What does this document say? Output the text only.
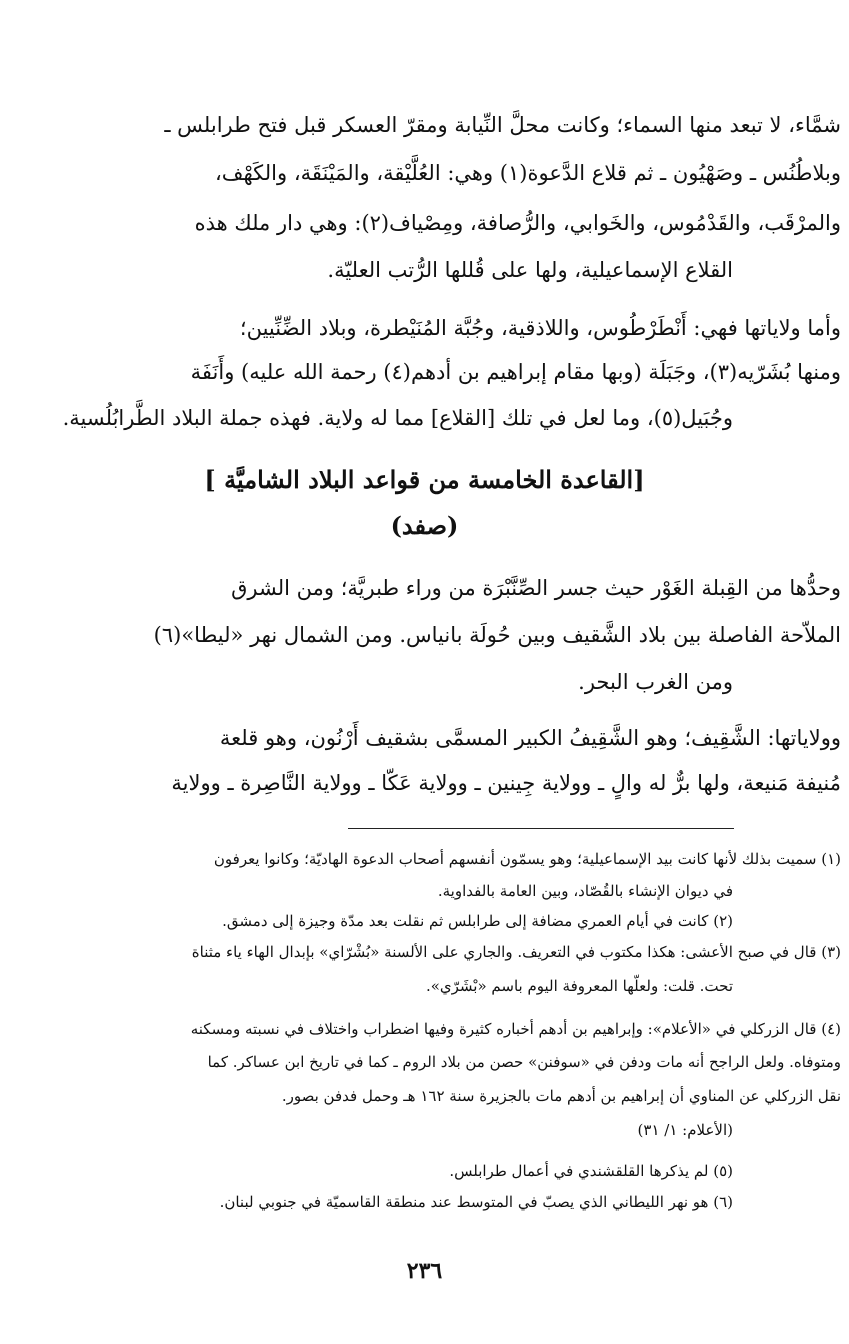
شمَّاء، لا تبعد منها السماء؛ وكانت محلَّ النِّيابة ومقرّ العسكر قبل فتح طرابلس ـ
وبلاطُنُس ـ وصَهْيُون ـ ثم قلاع الدَّعوة(١) وهي: العُلَّيْقة، والمَيْنَقَة، والكَهْف،
والمرْقَب، والقَدْمُوس، والخَوابي، والرُّصافة، ومِصْياف(٢): وهي دار ملك هذه
القلاع الإسماعيلية، ولها على قُللها الرُّتب العليّة.
وأما ولاياتها فهي: أَنْطَرْطُوس، واللاذقية، وجُبَّة المُنَيْطرة، وبلاد الضِّنِّيين؛
ومنها بُشَرّيه(٣)، وجَبَلَة (وبها مقام إبراهيم بن أدهم(٤) رحمة الله عليه) وأَنَفَة
وجُبَيل(٥)، وما لعل في تلك [القلاع] مما له ولاية. فهذه جملة البلاد الطَّرابُلُسية.
[القاعدة الخامسة من قواعد البلاد الشاميَّة ]
(صفد)
وحدُّها من القِبلة الغَوْر حيث جسر الصِّنَّبْرَة من وراء طبريَّة؛ ومن الشرق
الملاّحة الفاصلة بين بلاد الشَّقيف وبين حُولَة بانياس. ومن الشمال نهر «ليطا»(٦)
ومن الغرب البحر.
وولاياتها: الشَّقِيف؛ وهو الشَّقِيفُ الكبير المسمَّى بشقيف أَرْنُون، وهو قلعة
مُنيفة مَنيعة، ولها برٌّ له والٍ ـ وولاية جِينين ـ وولاية عَكّا ـ وولاية النَّاصِرة ـ وولاية
(١) سميت بذلك لأنها كانت بيد الإسماعيلية؛ وهو يسمّون أنفسهم أصحاب الدعوة الهاديّة؛ وكانوا يعرفون
في ديوان الإنشاء بالقُصّاد، وبين العامة بالفداوية.
(٢) كانت في أيام العمري مضافة إلى طرابلس ثم نقلت بعد مدّة وجيزة إلى دمشق.
(٣) قال في صبح الأعشى: هكذا مكتوب في التعريف. والجاري على الألسنة «بُشْرّاي» بإبدال الهاء ياء مثناة
تحت. قلت: ولعلّها المعروفة اليوم باسم «بْشَرّي».
(٤) قال الزركلي في «الأعلام»: وإبراهيم بن أدهم أخباره كثيرة وفيها اضطراب واختلاف في نسبته ومسكنه
ومتوفاه. ولعل الراجح أنه مات ودفن في «سوفنن» حصن من بلاد الروم ـ كما في تاريخ ابن عساكر. كما
نقل الزركلي عن المناوي أن إبراهيم بن أدهم مات بالجزيرة سنة ١٦٢ هـ وحمل فدفن بصور.
(الأعلام: ١/ ٣١)
(٥) لم يذكرها القلقشندي في أعمال طرابلس.
(٦) هو نهر الليطاني الذي يصبّ في المتوسط عند منطقة القاسميّة في جنوبي لبنان.
٢٣٦
